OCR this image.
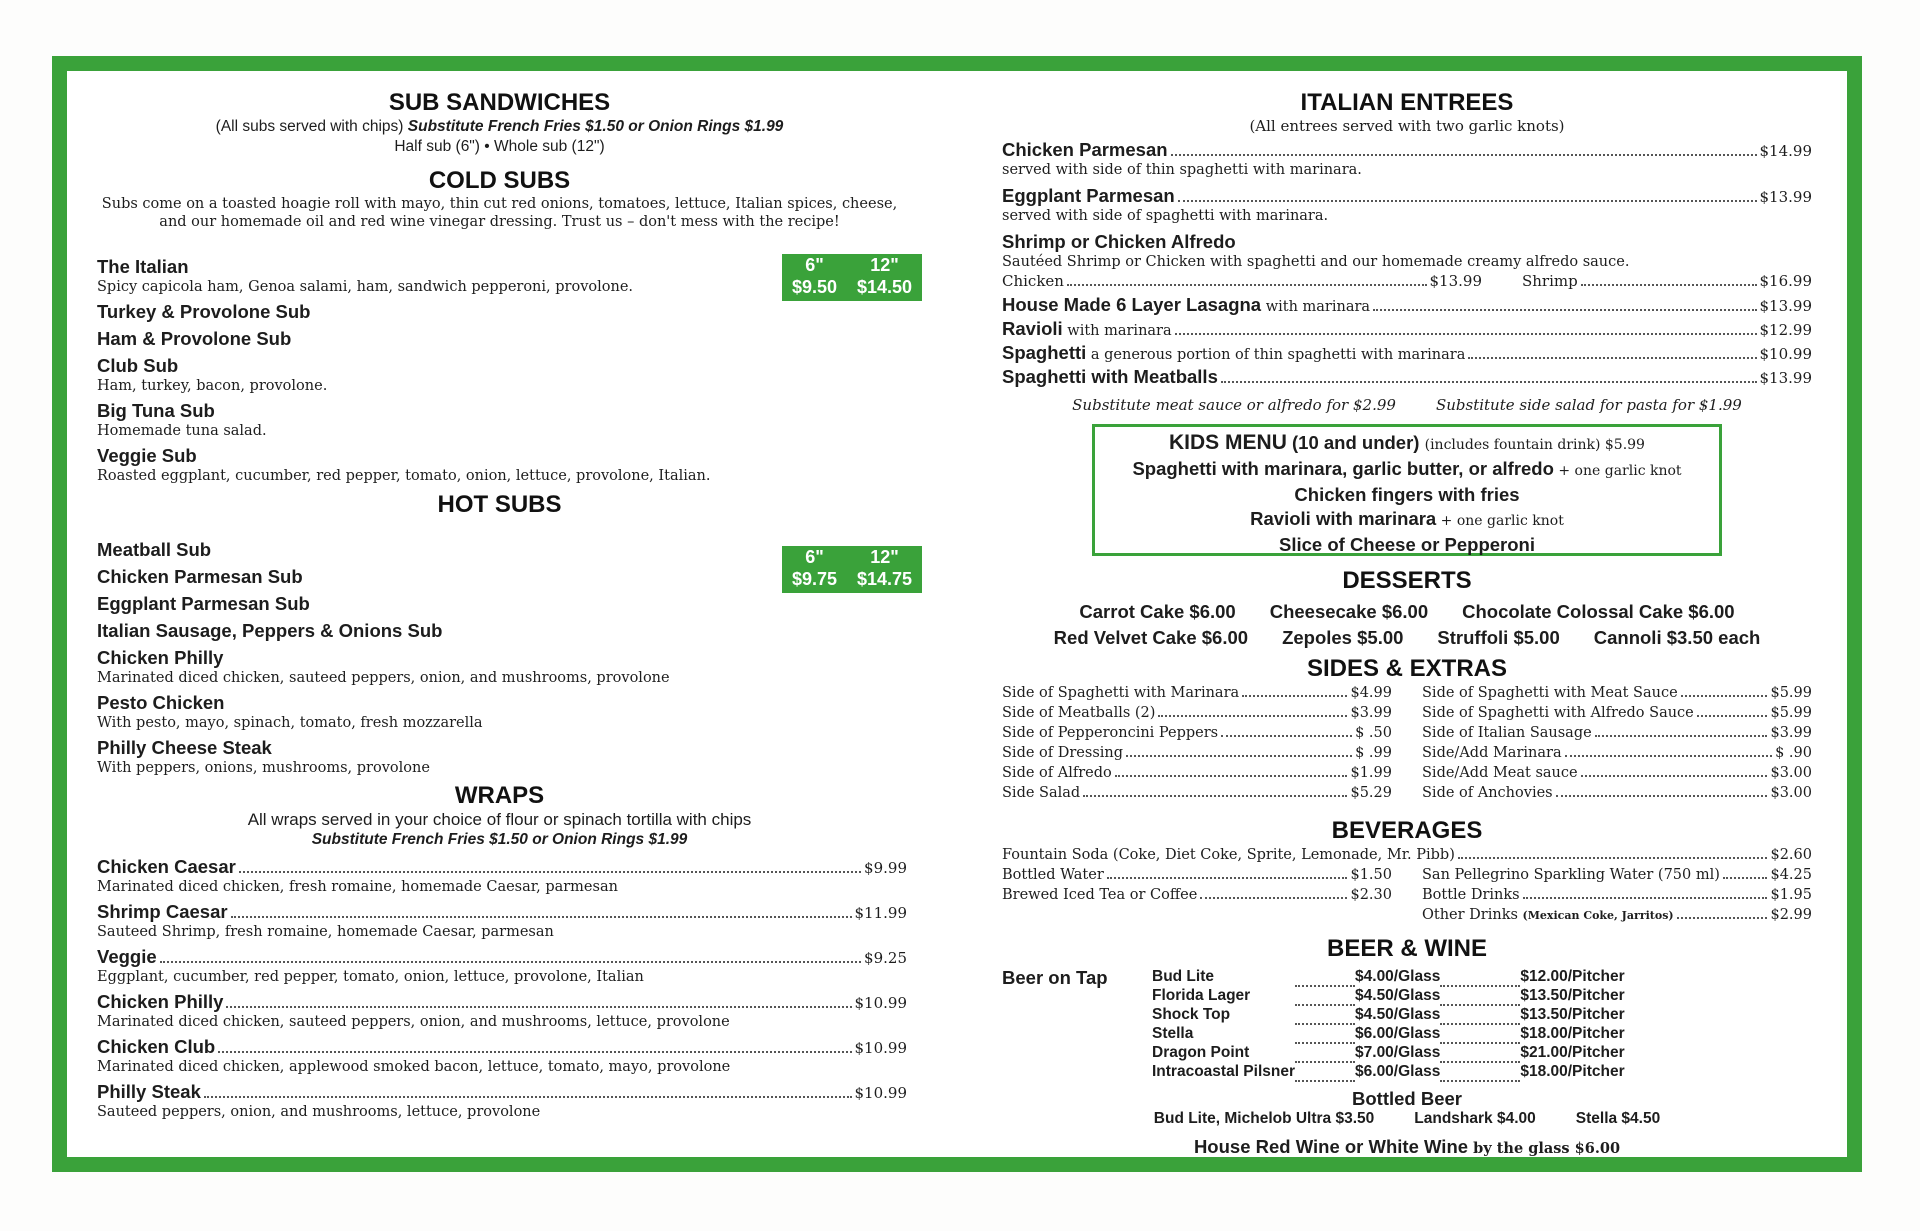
SUB SANDWICHES
(All subs served with chips) Substitute French Fries $1.50 or Onion Rings $1.99
Half sub (6") • Whole sub (12")
COLD SUBS
Subs come on a toasted hoagie roll with mayo, thin cut red onions, tomatoes, lettuce, Italian spices, cheese,
and our homemade oil and red wine vinegar dressing. Trust us – don't mess with the recipe!
6"	12"
$9.50 $14.50
The Italian
Spicy capicola ham, Genoa salami, ham, sandwich pepperoni, provolone.
Turkey & Provolone Sub
Ham & Provolone Sub
Club Sub
Ham, turkey, bacon, provolone.
Big Tuna Sub
Homemade tuna salad.
Veggie Sub
Roasted eggplant, cucumber, red pepper, tomato, onion, lettuce, provolone, Italian.
HOT SUBS
6"	12"
$9.75 $14.75
Meatball Sub
Chicken Parmesan Sub
Eggplant Parmesan Sub
Italian Sausage, Peppers & Onions Sub
Chicken Philly
Marinated diced chicken, sauteed peppers, onion, and mushrooms, provolone
Pesto Chicken
With pesto, mayo, spinach, tomato, fresh mozzarella
Philly Cheese Steak
With peppers, onions, mushrooms, provolone
WRAPS
All wraps served in your choice of flour or spinach tortilla with chips
Substitute French Fries $1.50 or Onion Rings $1.99
Chicken Caesar	$9.99
Marinated diced chicken, fresh romaine, homemade Caesar, parmesan
Shrimp Caesar	$11.99
Sauteed Shrimp, fresh romaine, homemade Caesar, parmesan
Veggie	$9.25
Eggplant, cucumber, red pepper, tomato, onion, lettuce, provolone, Italian
Chicken Philly	$10.99
Marinated diced chicken, sauteed peppers, onion, and mushrooms, lettuce, provolone
Chicken Club	$10.99
Marinated diced chicken, applewood smoked bacon, lettuce, tomato, mayo, provolone
Philly Steak	$10.99
Sauteed peppers, onion, and mushrooms, lettuce, provolone
ITALIAN ENTREES
(All entrees served with two garlic knots)
Chicken Parmesan	$14.99
served with side of thin spaghetti with marinara.
Eggplant Parmesan	$13.99
served with side of spaghetti with marinara.
Shrimp or Chicken Alfredo
Sautéed Shrimp or Chicken with spaghetti and our homemade creamy alfredo sauce.
Chicken	$13.99	Shrimp	$16.99
House Made 6 Layer Lasagna with marinara	$13.99
Ravioli with marinara	$12.99
Spaghetti a generous portion of thin spaghetti with marinara	$10.99
Spaghetti with Meatballs	$13.99
Substitute meat sauce or alfredo for $2.99	Substitute side salad for pasta for $1.99
KIDS MENU (10 and under) (includes fountain drink) $5.99
Spaghetti with marinara, garlic butter, or alfredo + one garlic knot
Chicken fingers with fries
Ravioli with marinara + one garlic knot
Slice of Cheese or Pepperoni
DESSERTS
Carrot Cake $6.00 Cheesecake $6.00 Chocolate Colossal Cake $6.00
Red Velvet Cake $6.00 Zepoles $5.00 Struffoli $5.00 Cannoli $3.50 each
SIDES & EXTRAS
Side of Spaghetti with Marinara	$4.99
Side of Meatballs (2)	$3.99
Side of Pepperoncini Peppers	$ .50
Side of Dressing	$ .99
Side of Alfredo	$1.99
Side Salad	$5.29
Side of Spaghetti with Meat Sauce	$5.99
Side of Spaghetti with Alfredo Sauce	$5.99
Side of Italian Sausage	$3.99
Side/Add Marinara	$ .90
Side/Add Meat sauce	$3.00
Side of Anchovies	$3.00
BEVERAGES
Fountain Soda (Coke, Diet Coke, Sprite, Lemonade, Mr. Pibb)	$2.60
Bottled Water	$1.50
Brewed Iced Tea or Coffee	$2.30
San Pellegrino Sparkling Water (750 ml)	$4.25
Bottle Drinks	$1.95
Other Drinks
(Mexican Coke, Jarritos)	$2.99
BEER & WINE
Beer on Tap	Bud Lite		$4.00/Glass		$12.00/Pitcher
Florida Lager		$4.50/Glass		$13.50/Pitcher
Shock Top		$4.50/Glass		$13.50/Pitcher
Stella		$6.00/Glass		$18.00/Pitcher
Dragon Point		$7.00/Glass		$21.00/Pitcher
Intracoastal Pilsner		$6.00/Glass		$18.00/Pitcher
Bottled Beer
Bud Lite, Michelob Ultra $3.50	Landshark $4.00	Stella $4.50
House Red Wine or White Wine by the glass $6.00
